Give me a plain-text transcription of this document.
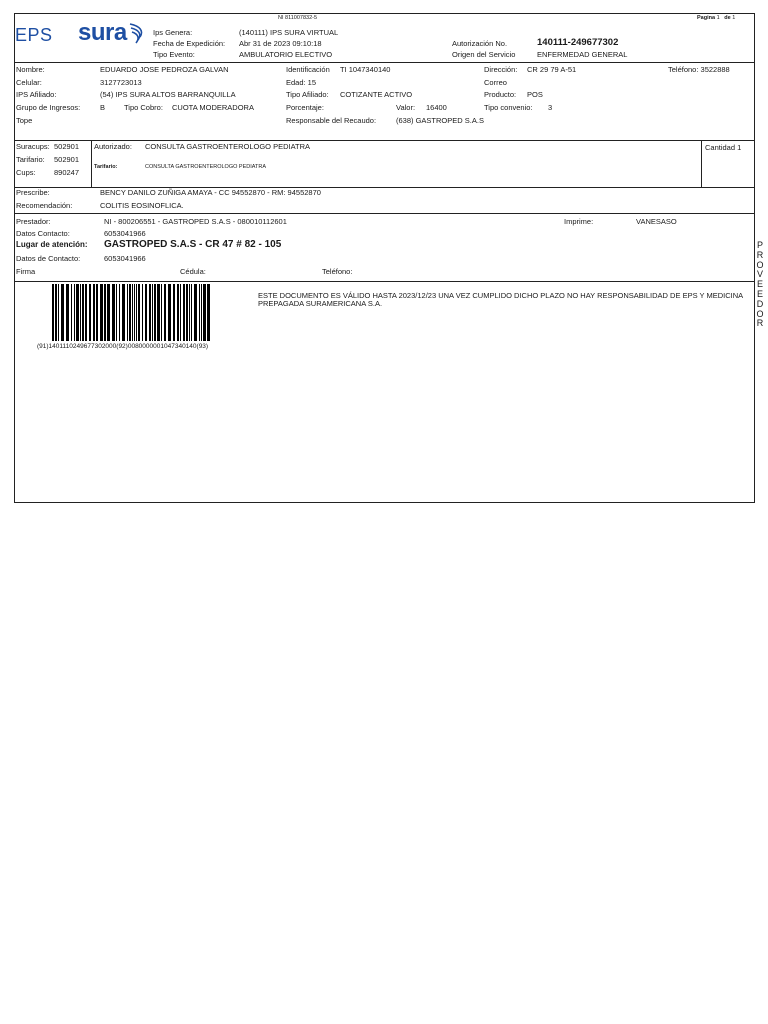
NI 811007832-5	Pagina 1 de 1
EPS sura	Ips Genera:	(140111) IPS SURA VIRTUAL
Fecha de Expedición: Abr 31 de 2023 09:10:18
Tipo Evento:	AMBULATORIO ELECTIVO
Autorización No.	140111-249677302
Origen del Servicio	ENFERMEDAD GENERAL
Nombre:	EDUARDO JOSE PEDROZA GALVAN	Identificación TI 1047340140	Dirección: CR 29 79 A-51	Teléfono: 3522888
Celular:	3127723013	Edad: 15	Correo
IPS Afiliado:	(54) IPS SURA ALTOS BARRANQUILLA	Tipo Afiliado: COTIZANTE ACTIVO	Producto: POS
Grupo de Ingresos:	B	Tipo Cobro: CUOTA MODERADORA	Porcentaje:	Valor: 16400	Tipo convenio: 3
Tope	Responsable del Recaudo:	(638) GASTROPED S.A.S
Suracups: 502901
Tarifario: 502901
Cups: 890247
Autorizado: CONSULTA GASTROENTEROLOGO PEDIATRA
Tarifario:	CONSULTA GASTROENTEROLOGO PEDIATRA
Cantidad 1
Prescribe:	BENCY DANILO ZUÑIGA AMAYA - CC 94552870 - RM: 94552870
Recomendación:	COLITIS EOSINOFLICA.
Prestador:	NI - 800206551 - GASTROPED S.A.S - 080010112601	Imprime:	VANESASO
Datos Contacto:	6053041966
Lugar de atención: GASTROPED S.A.S - CR 47 # 82 - 105
Datos de Contacto:	6053041966
Firma	Cédula:	Teléfono:
(91)1401110249677302000(92)0080000001047340140(93)
ESTE DOCUMENTO ES VÁLIDO HASTA 2023/12/23 UNA VEZ CUMPLIDO DICHO PLAZO NO HAY RESPONSABILIDAD DE EPS Y MEDICINA
PREPAGADA SURAMERICANA S.A.
P
R
O
V
E
E
D
O
R
